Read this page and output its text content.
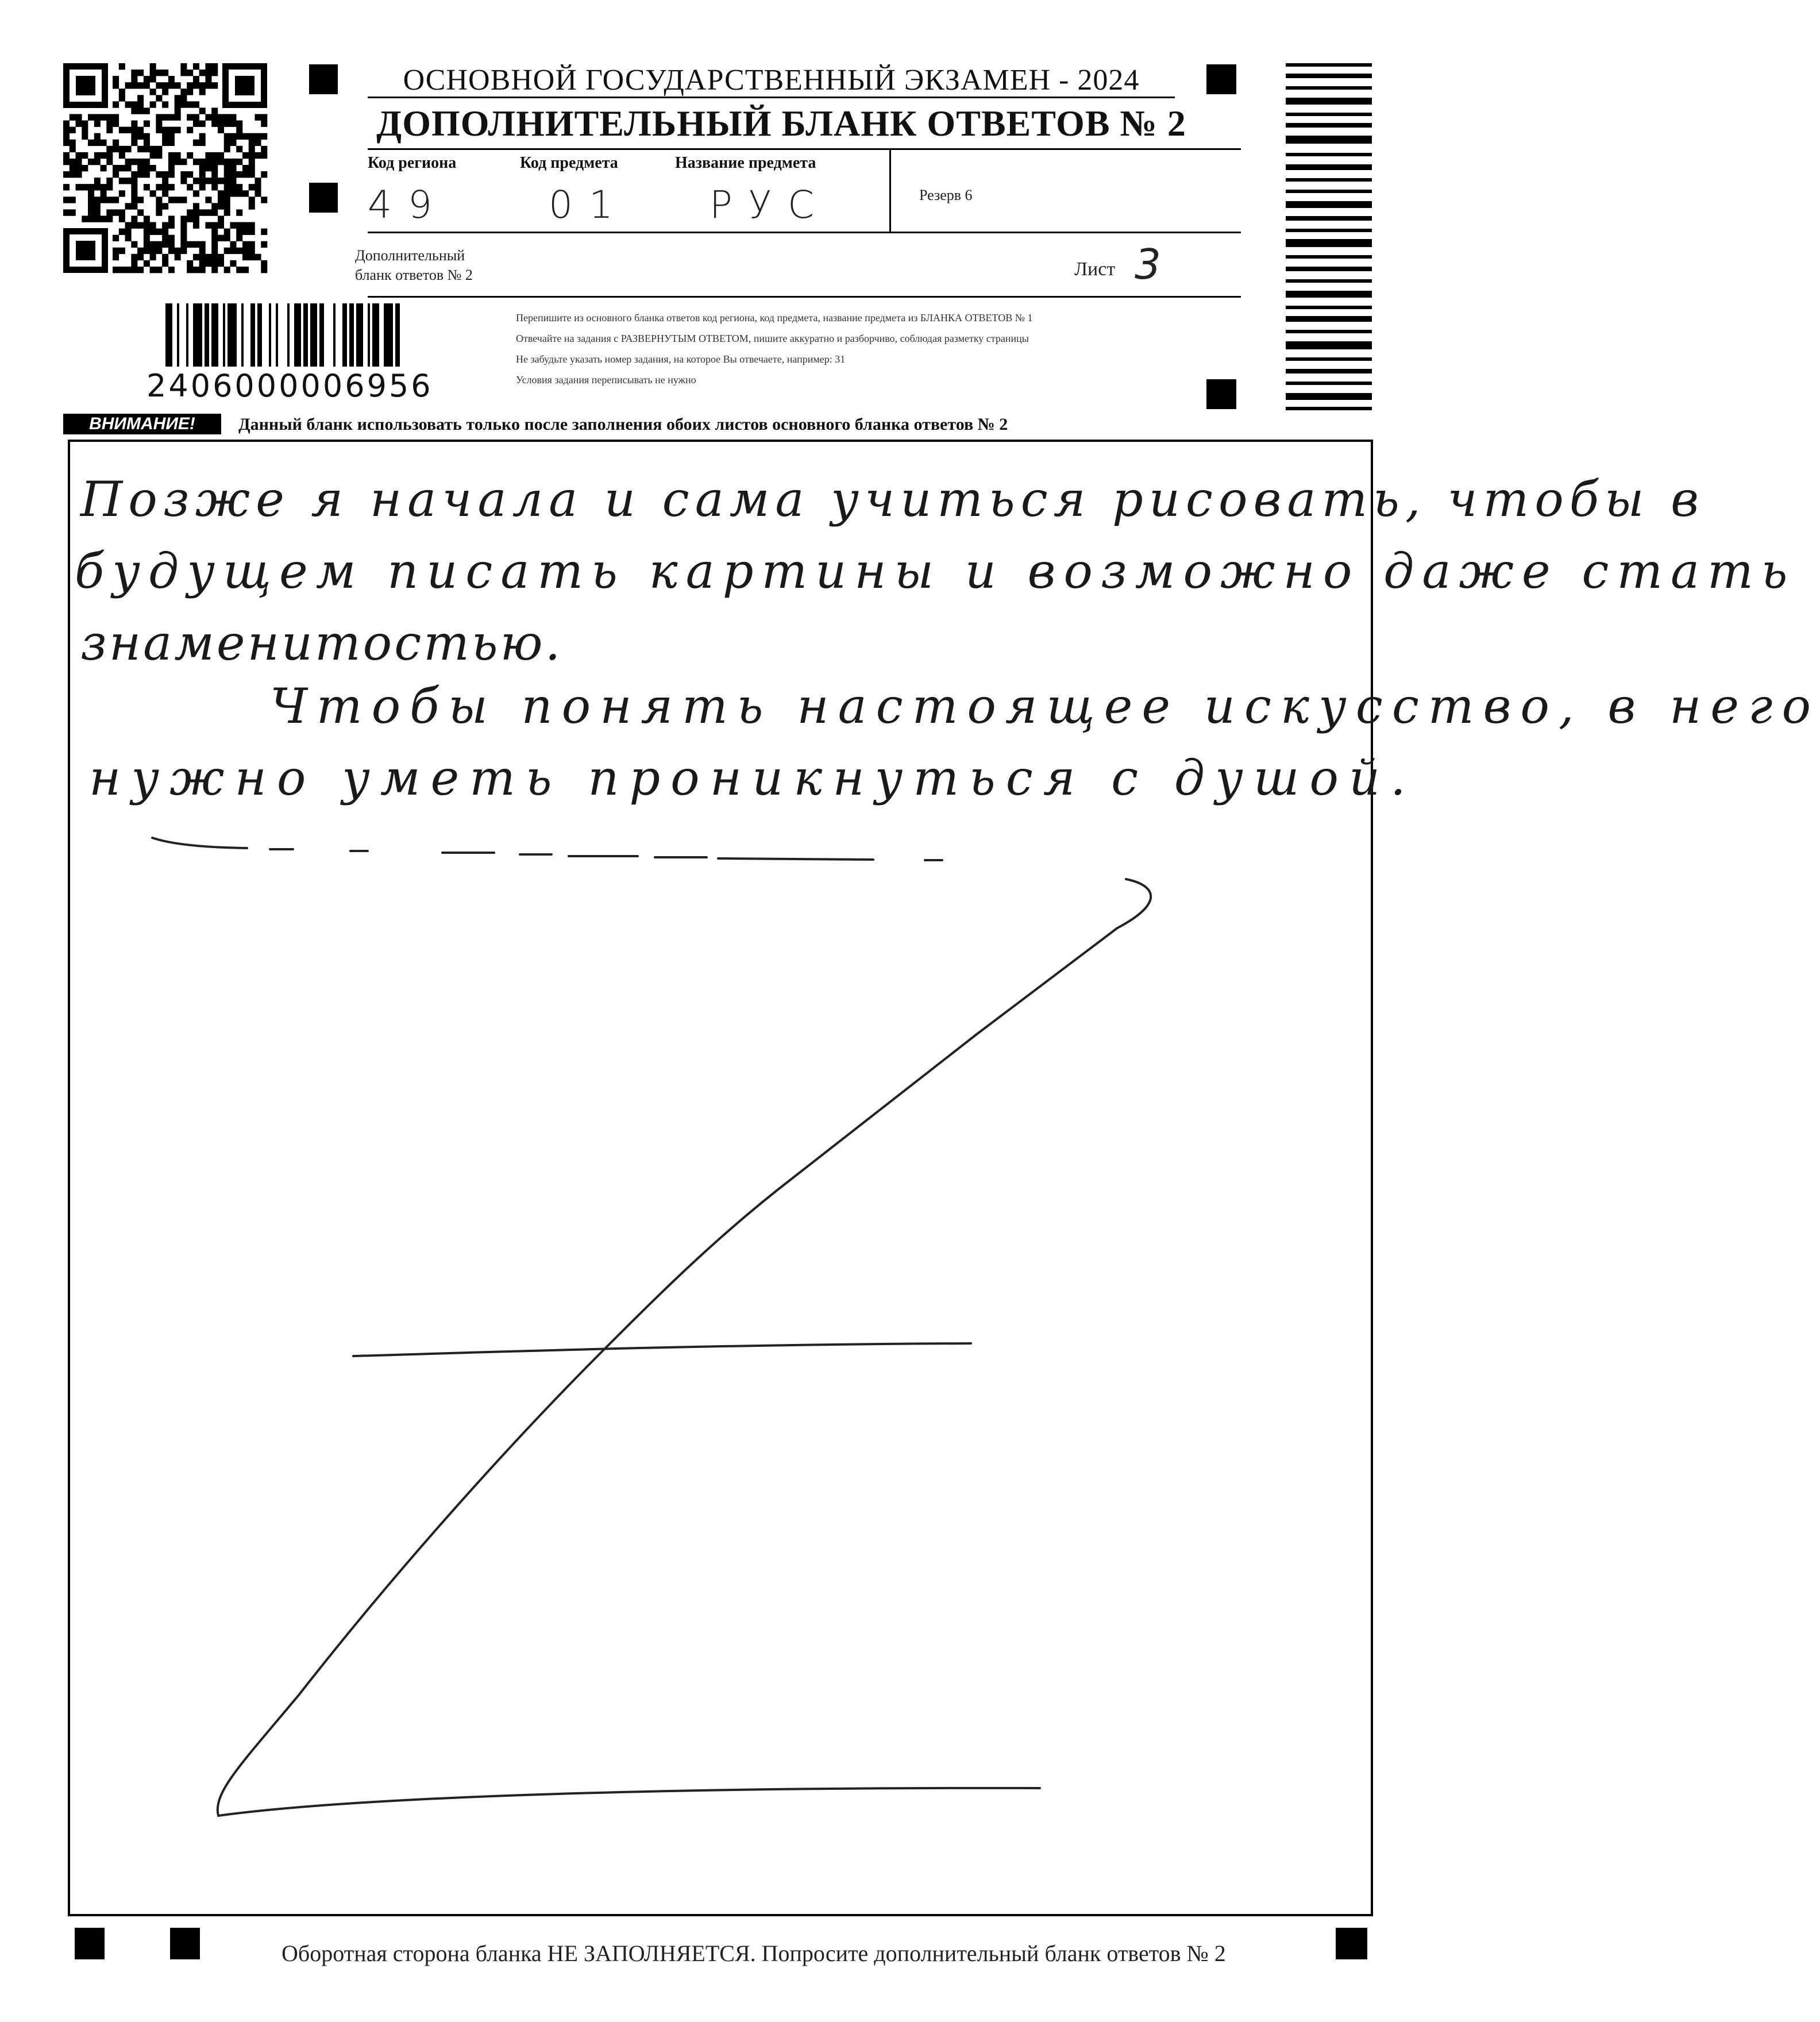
ОСНОВНОЙ ГОСУДАРСТВЕННЫЙ ЭКЗАМЕН - 2024
ДОПОЛНИТЕЛЬНЫЙ БЛАНК ОТВЕТОВ № 2
Код региона
49
Код предмета
01
Название предмета
РУС	Резерв 6
Дополнительный
бланк ответов № 2	Лист 3
2406000006956
Перепишите из основного бланка ответов код региона, код предмета, название предмета из БЛАНКА ОТВЕТОВ № 1
Отвечайте на задания с РАЗВЕРНУТЫМ ОТВЕТОМ, пишите аккуратно и разборчиво, соблюдая разметку страницы
Не забудьте указать номер задания, на которое Вы отвечаете, например: 31
Условия задания переписывать не нужно
ВНИМАНИЕ!	Данный бланк использовать только после заполнения обоих листов основного бланка ответов № 2
Позже я начала и сама учиться рисовать, чтобы в
будущем писать картины и возможно даже стать
знаменитостью.
Чтобы понять настоящее искусство, в него
нужно уметь проникнуться с душой.
Оборотная сторона бланка НЕ ЗАПОЛНЯЕТСЯ. Попросите дополнительный бланк ответов № 2
